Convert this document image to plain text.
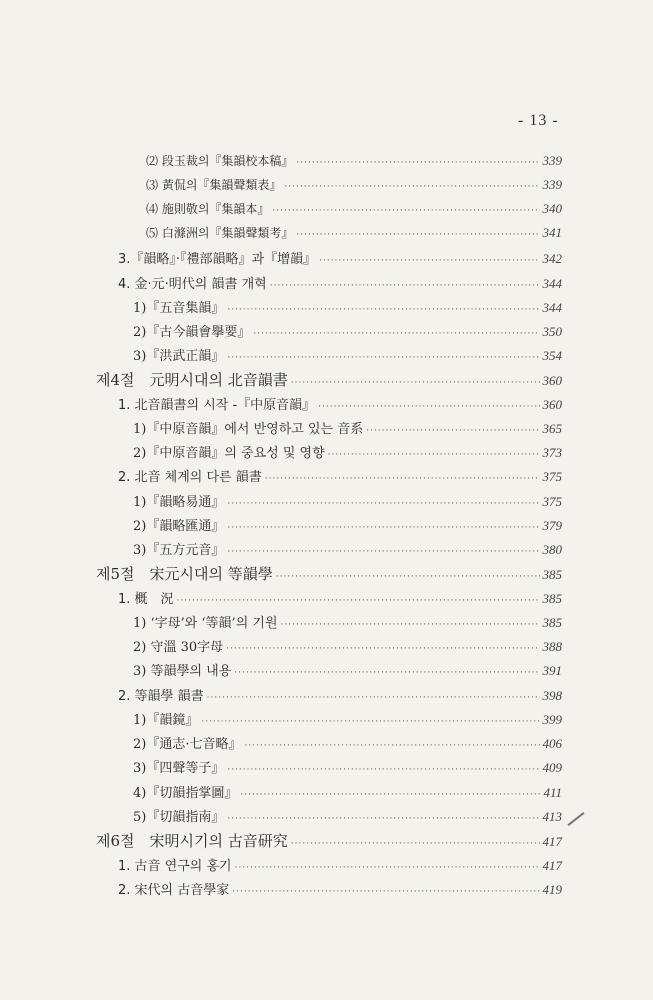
- 13 -
⑵ 段玉裁의『集韻校本稿』 ·····	339
⑶ 黃侃의『集韻聲類表』 ·····	339
⑷ 施則敬의『集韻本』 ·····	340
⑸ 白滌洲의『集韻聲類考』 ·····	341
3.『韻略』·『禮部韻略』과『增韻』 ·····	342
4. 金·元·明代의 韻書 개혁 ·····	344
1)『五音集韻』 ·····	344
2)『古今韻會擧要』 ·····	350
3)『洪武正韻』 ·····	354
제4절　元明시대의 北音韻書 ·····	360
1. 北音韻書의 시작 -『中原音韻』 ·····	360
1)『中原音韻』에서 반영하고 있는 音系 ·····	365
2)『中原音韻』의 중요성 및 영향 ·····	373
2. 北音 체계의 다른 韻書 ·····	375
1)『韻略易通』 ·····	375
2)『韻略匯通』 ·····	379
3)『五方元音』 ·····	380
제5절　宋元시대의 等韻學 ·····	385
1. 概　況 ·····	385
1) ‘字母’와 ‘等韻’의 기원 ·····	385
2) 守溫 30字母 ·····	388
3) 等韻學의 내용 ·····	391
2. 等韻學 韻書 ·····	398
1)『韻鏡』 ·····	399
2)『通志·七音略』 ·····	406
3)『四聲等子』 ·····	409
4)『切韻指掌圖』 ·····	411
5)『切韻指南』 ·····	413
제6절　宋明시기의 古音研究 ·····	417
1. 古音 연구의 홍기 ·····	417
2. 宋代의 古音學家 ·····	419
